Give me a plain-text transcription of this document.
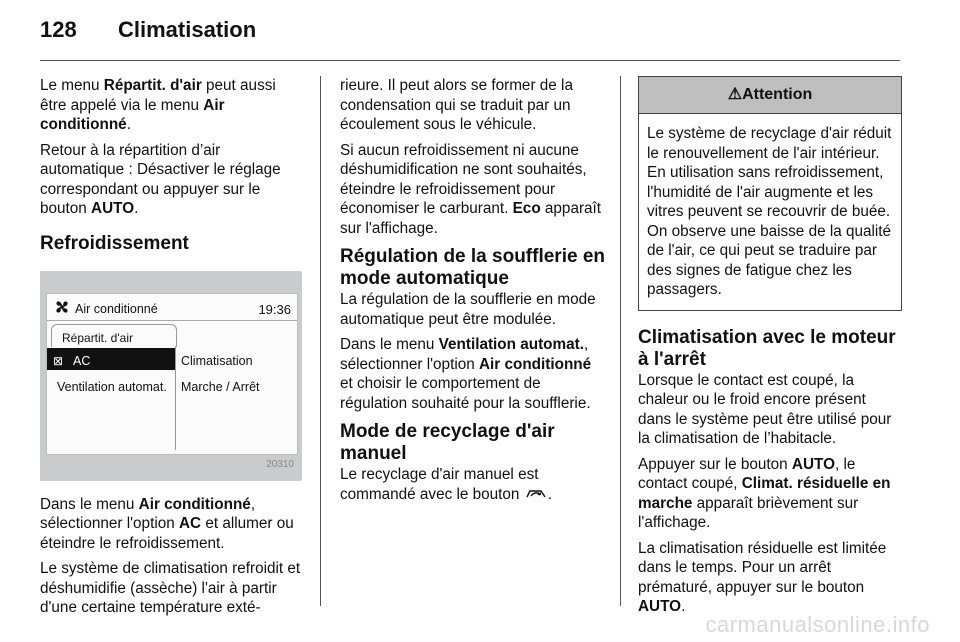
128 Climatisation

Le menu Répartit. d'air peut aussi être appelé via le menu Air conditionné.

Retour à la répartition d’air automatique : Désactiver le réglage correspondant ou appuyer sur le bouton AUTO.

Refroidissement
Air conditionné	19:36
Répartit. d'air
⊠ AC	Climatisation
Ventilation automat. Marche / Arrêt
20310

Dans le menu Air conditionné, sélectionner l'option AC et allumer ou éteindre le refroidissement.

Le système de climatisation refroidit et déshumidifie (assèche) l'air à partir d'une certaine température exté-

rieure. Il peut alors se former de la condensation qui se traduit par un écoulement sous le véhicule.

Si aucun refroidissement ni aucune déshumidification ne sont souhaités, éteindre le refroidissement pour économiser le carburant. Eco apparaît sur l'affichage.

Régulation de la soufflerie en mode automatique

La régulation de la soufflerie en mode automatique peut être modulée.

Dans le menu Ventilation automat., sélectionner l'option Air conditionné et choisir le comportement de régulation souhaité pour la soufflerie.

Mode de recyclage d'air manuel

Le recyclage d'air manuel est commandé avec le bouton .

⚠Attention
Le système de recyclage d'air réduit le renouvellement de l'air intérieur. En utilisation sans refroidissement, l'humidité de l'air augmente et les vitres peuvent se recouvrir de buée. On observe une baisse de la qualité de l'air, ce qui peut se traduire par des signes de fatigue chez les passagers.
Climatisation avec le moteur à l'arrêt

Lorsque le contact est coupé, la chaleur ou le froid encore présent dans le système peut être utilisé pour la climatisation de l’habitacle.

Appuyer sur le bouton AUTO, le contact coupé, Climat. résiduelle en marche apparaît brièvement sur l'affichage.

La climatisation résiduelle est limitée dans le temps. Pour un arrêt prématuré, appuyer sur le bouton AUTO.

carmanualsonline.info
